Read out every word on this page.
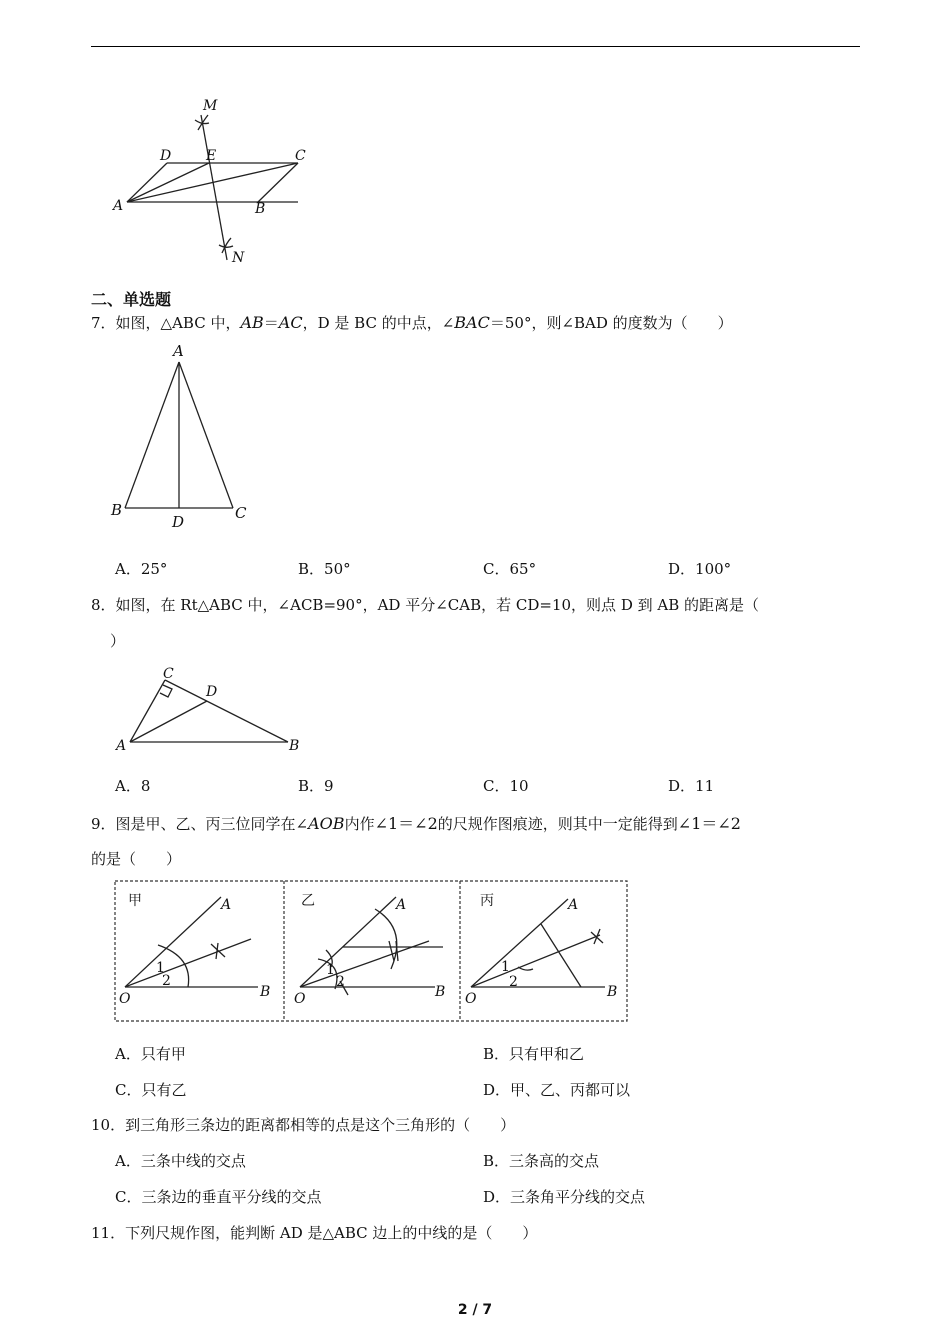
M
N
D E	C
A	B
二、单选题
7．如图，△ABC 中，AB＝AC，D 是 BC 的中点，∠BAC＝50°，则∠BAD 的度数为（　　）
A
B	C
D
A．25°	B．50°	C．65°	D．100°
8．如图，在 Rt△ABC 中，∠ACB=90°，AD 平分∠CAB，若 CD=10，则点 D 到 AB 的距离是（
）
C
D
A	B
A．8	B．9	C．10	D．11
9．图是甲、乙、丙三位同学在∠AOB内作∠1＝∠2的尺规作图痕迹，则其中一定能得到∠1＝∠2
的是（　　）
甲	A
B
O
1
2
乙	A
B
O
1
2
丙	A
B
O
1
2
A．只有甲	B．只有甲和乙
C．只有乙	D．甲、乙、丙都可以
10．到三角形三条边的距离都相等的点是这个三角形的（　　）
A．三条中线的交点	B．三条高的交点
C．三条边的垂直平分线的交点	D．三条角平分线的交点
11．下列尺规作图，能判断 AD 是△ABC 边上的中线的是（　　）
2 / 7
